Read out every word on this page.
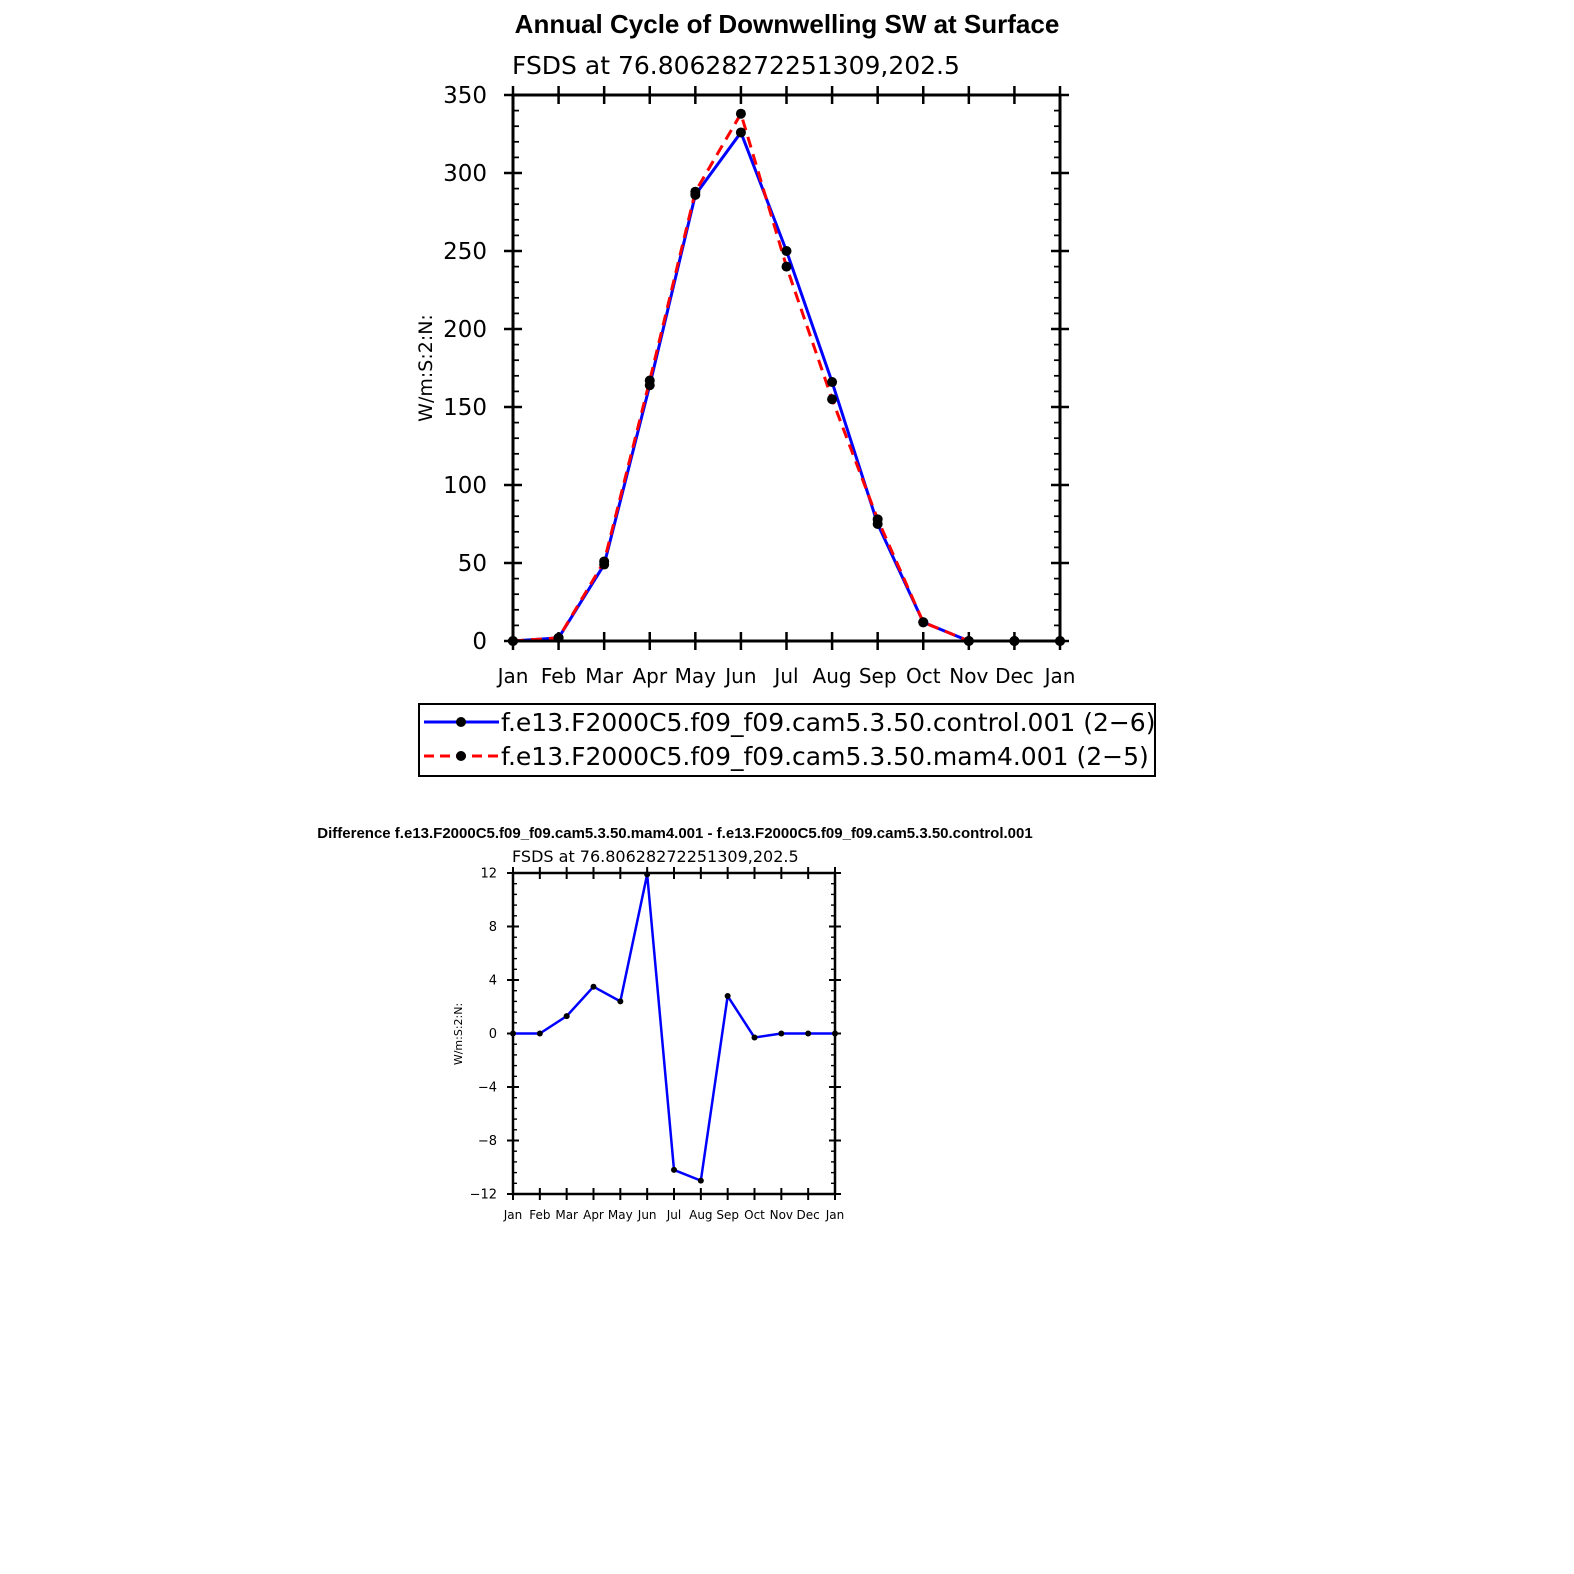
Annual Cycle of Downwelling SW at Surface
FSDS at 76.80628272251309,202.5
W/m:S:2:N:
0
50
100
150
200
250
300
350
Jan Feb Mar Apr May Jun Jul Aug Sep Oct Nov Dec Jan
f.e13.F2000C5.f09_f09.cam5.3.50.control.001 (2−6)
f.e13.F2000C5.f09_f09.cam5.3.50.mam4.001 (2−5)
Difference f.e13.F2000C5.f09_f09.cam5.3.50.mam4.001 - f.e13.F2000C5.f09_f09.cam5.3.50.control.001
FSDS at 76.80628272251309,202.5
W/m:S:2:N:
−12
−8
−4
0
4
8
12
Jan Feb Mar Apr May Jun Jul Aug Sep Oct Nov Dec Jan
